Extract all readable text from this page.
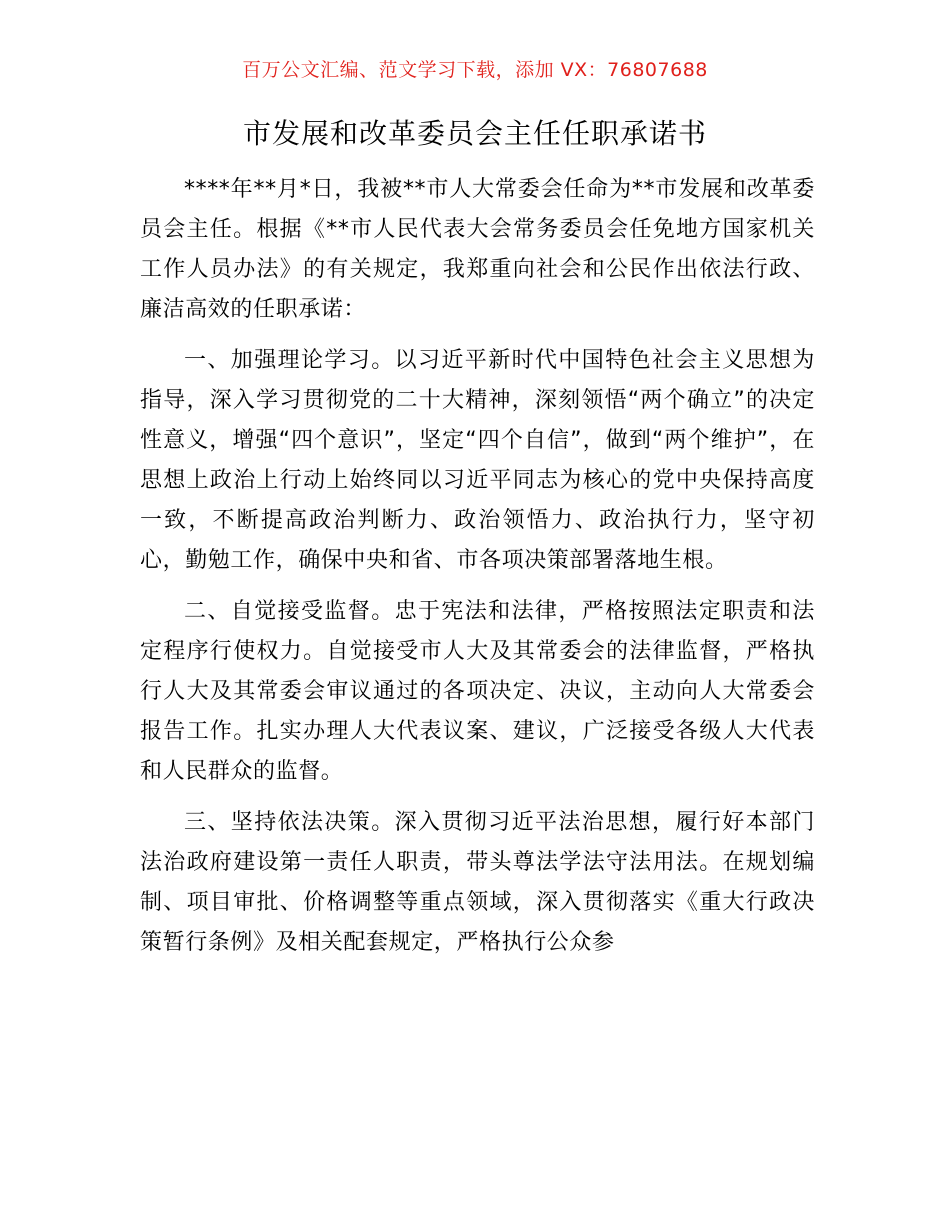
百万公文汇编、范文学习下载，添加 VX：76807688
市发展和改革委员会主任任职承诺书

****年**月*日，我被**市人大常委会任命为**市发展和改革委员会主任。根据《**市人民代表大会常务委员会任免地方国家机关工作人员办法》的有关规定，我郑重向社会和公民作出依法行政、廉洁高效的任职承诺：

一、加强理论学习。以习近平新时代中国特色社会主义思想为指导，深入学习贯彻党的二十大精神，深刻领悟“两个确立”的决定性意义，增强“四个意识”，坚定“四个自信”，做到“两个维护”，在思想上政治上行动上始终同以习近平同志为核心的党中央保持高度一致，不断提高政治判断力、政治领悟力、政治执行力，坚守初心，勤勉工作，确保中央和省、市各项决策部署落地生根。

二、自觉接受监督。忠于宪法和法律，严格按照法定职责和法定程序行使权力。自觉接受市人大及其常委会的法律监督，严格执行人大及其常委会审议通过的各项决定、决议，主动向人大常委会报告工作。扎实办理人大代表议案、建议，广泛接受各级人大代表和人民群众的监督。

三、坚持依法决策。深入贯彻习近平法治思想，履行好本部门法治政府建设第一责任人职责，带头尊法学法守法用法。在规划编制、项目审批、价格调整等重点领域，深入贯彻落实《重大行政决策暂行条例》及相关配套规定，严格执行公众参
